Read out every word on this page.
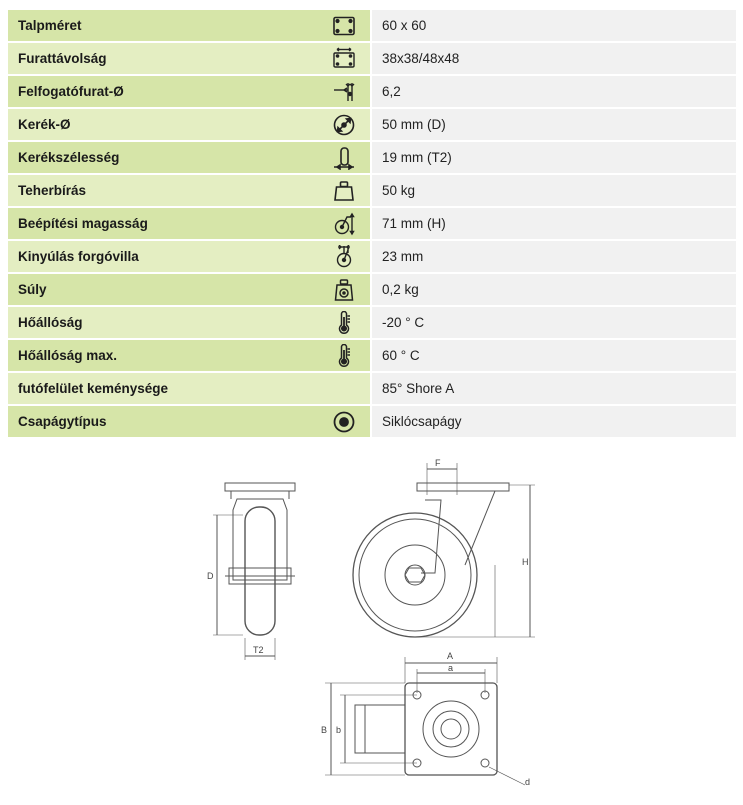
Talpméret	60 x 60
Furattávolság	38x38/48x48
Felfogatófurat-Ø	6,2
Kerék-Ø	50 mm (D)
Kerékszélesség	19 mm (T2)
Teherbírás	50 kg
Beépítési magasság	71 mm (H)
Kinyúlás forgóvilla	23 mm
Súly	0,2 kg
Hőállóság	-20 ° C
Hőállóság max.	60 ° C
futófelület keménysége	85° Shore A
Csapágytípus	Siklócsapágy
D
T2
F
H
A
a
B b
d
